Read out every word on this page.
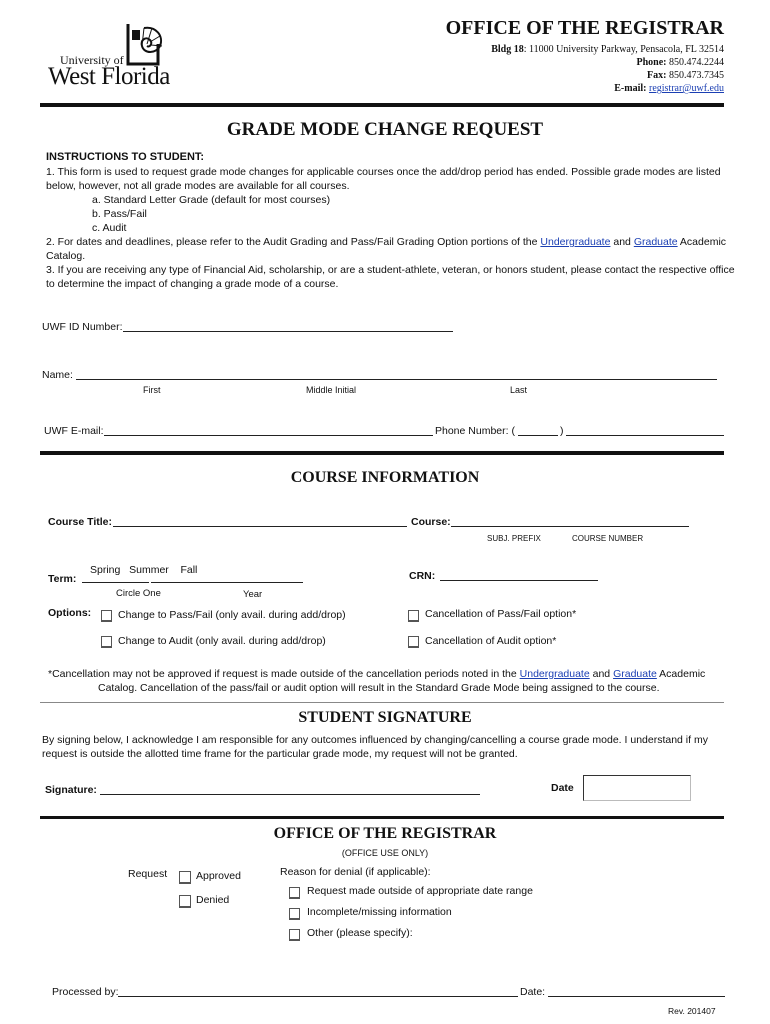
University of
West Florida
OFFICE OF THE REGISTRAR
Bldg 18: 11000 University Parkway, Pensacola, FL 32514
Phone: 850.474.2244
Fax: 850.473.7345
E-mail: registrar@uwf.edu
GRADE MODE CHANGE REQUEST
INSTRUCTIONS TO STUDENT:
1. This form is used to request grade mode changes for applicable courses once the add/drop period has ended. Possible grade modes are listed
below, however, not all grade modes are available for all courses.
a. Standard Letter Grade (default for most courses)
b. Pass/Fail
c. Audit
2. For dates and deadlines, please refer to the Audit Grading and Pass/Fail Grading Option portions of the Undergraduate and Graduate Academic
Catalog.
3. If you are receiving any type of Financial Aid, scholarship, or are a student-athlete, veteran, or honors student, please contact the respective office
to determine the impact of changing a grade mode of a course.
UWF ID Number:
Name:
First	Middle Initial	Last
UWF E-mail:	Phone Number: (	)
COURSE INFORMATION
Course Title:	Course:
SUBJ. PREFIX	COURSE NUMBER
Spring   Summer    Fall
Term:
Circle One	Year
CRN:
Options:	Change to Pass/Fail (only avail. during add/drop)	Cancellation of Pass/Fail option*
Change to Audit (only avail. during add/drop)	Cancellation of Audit option*
*Cancellation may not be approved if request is made outside of the cancellation periods noted in the Undergraduate and Graduate Academic
Catalog. Cancellation of the pass/fail or audit option will result in the Standard Grade Mode being assigned to the course.
STUDENT SIGNATURE
By signing below, I acknowledge I am responsible for any outcomes influenced by changing/cancelling a course grade mode. I understand if my
request is outside the allotted time frame for the particular grade mode, my request will not be granted.
Signature:	Date
OFFICE OF THE REGISTRAR
(OFFICE USE ONLY)
Request	Approved
Denied
Reason for denial (if applicable):
Request made outside of appropriate date range
Incomplete/missing information
Other (please specify):
Processed by:	Date:
Rev. 201407
